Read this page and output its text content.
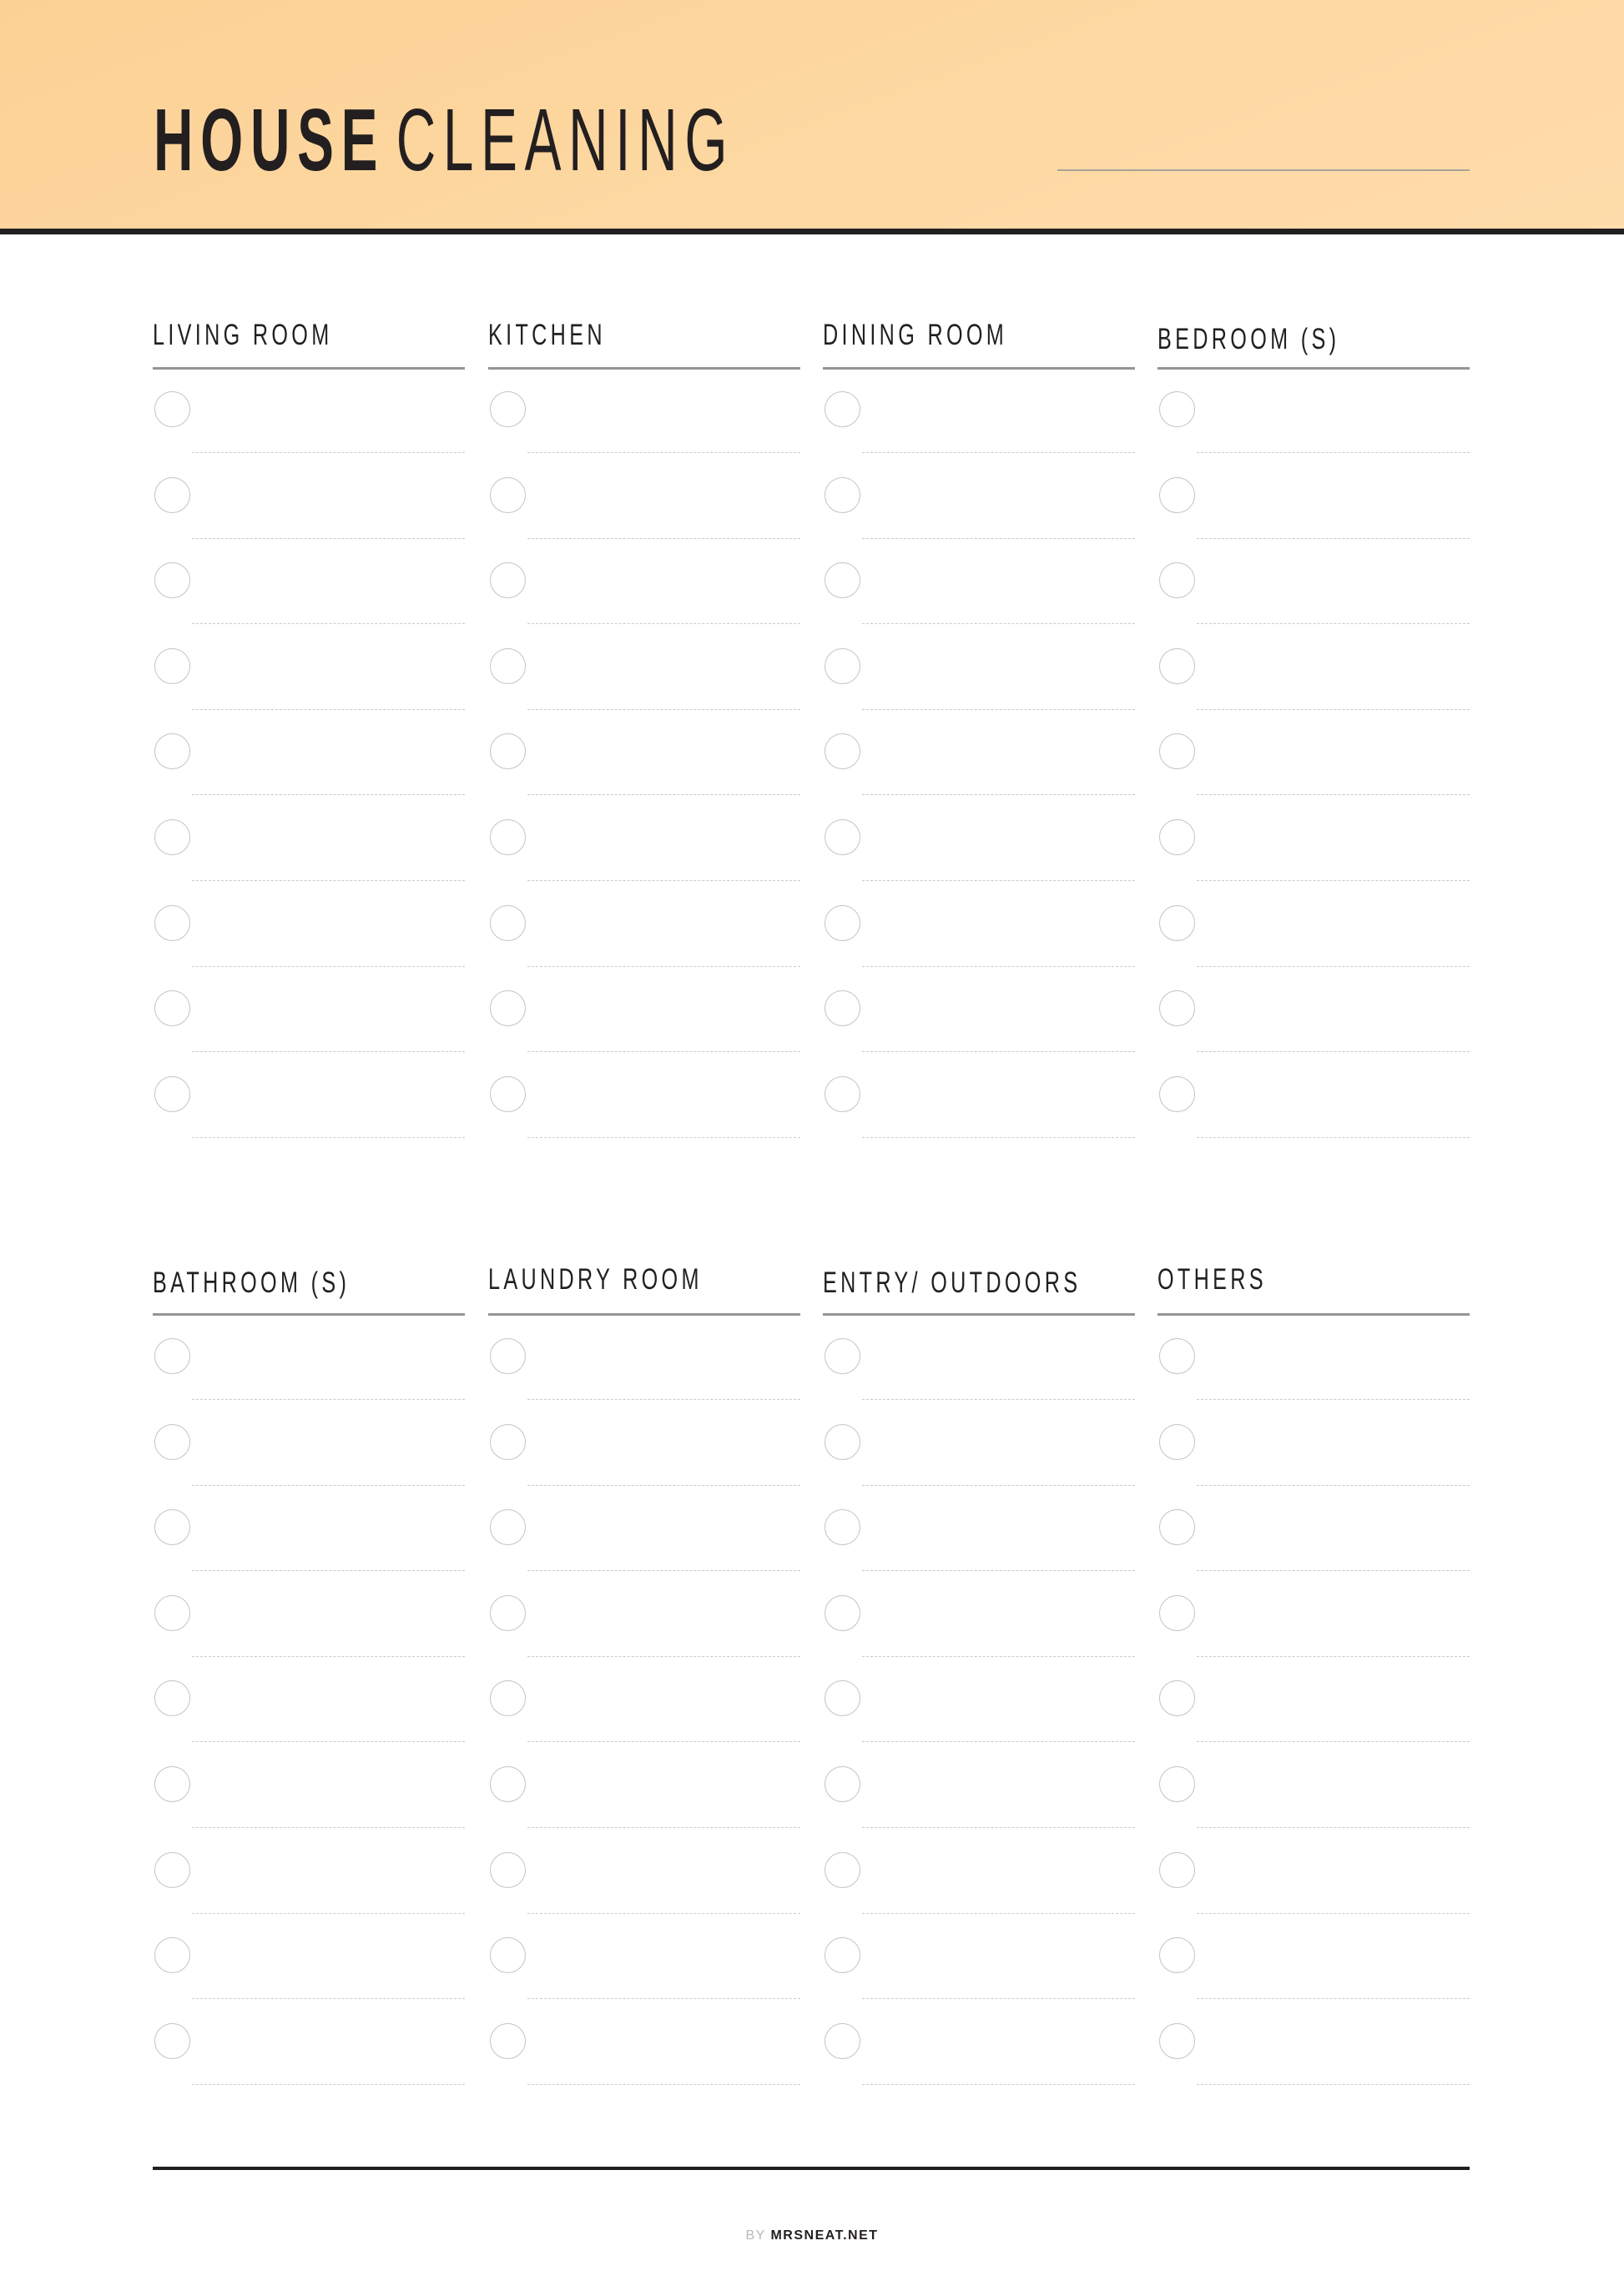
HOUSE CLEANING
LIVING ROOM	KITCHEN	DINING ROOM	BEDROOM (S)
BATHROOM (S)	LAUNDRY ROOM	ENTRY/ OUTDOORS	OTHERS
BY MRSNEAT.NET
